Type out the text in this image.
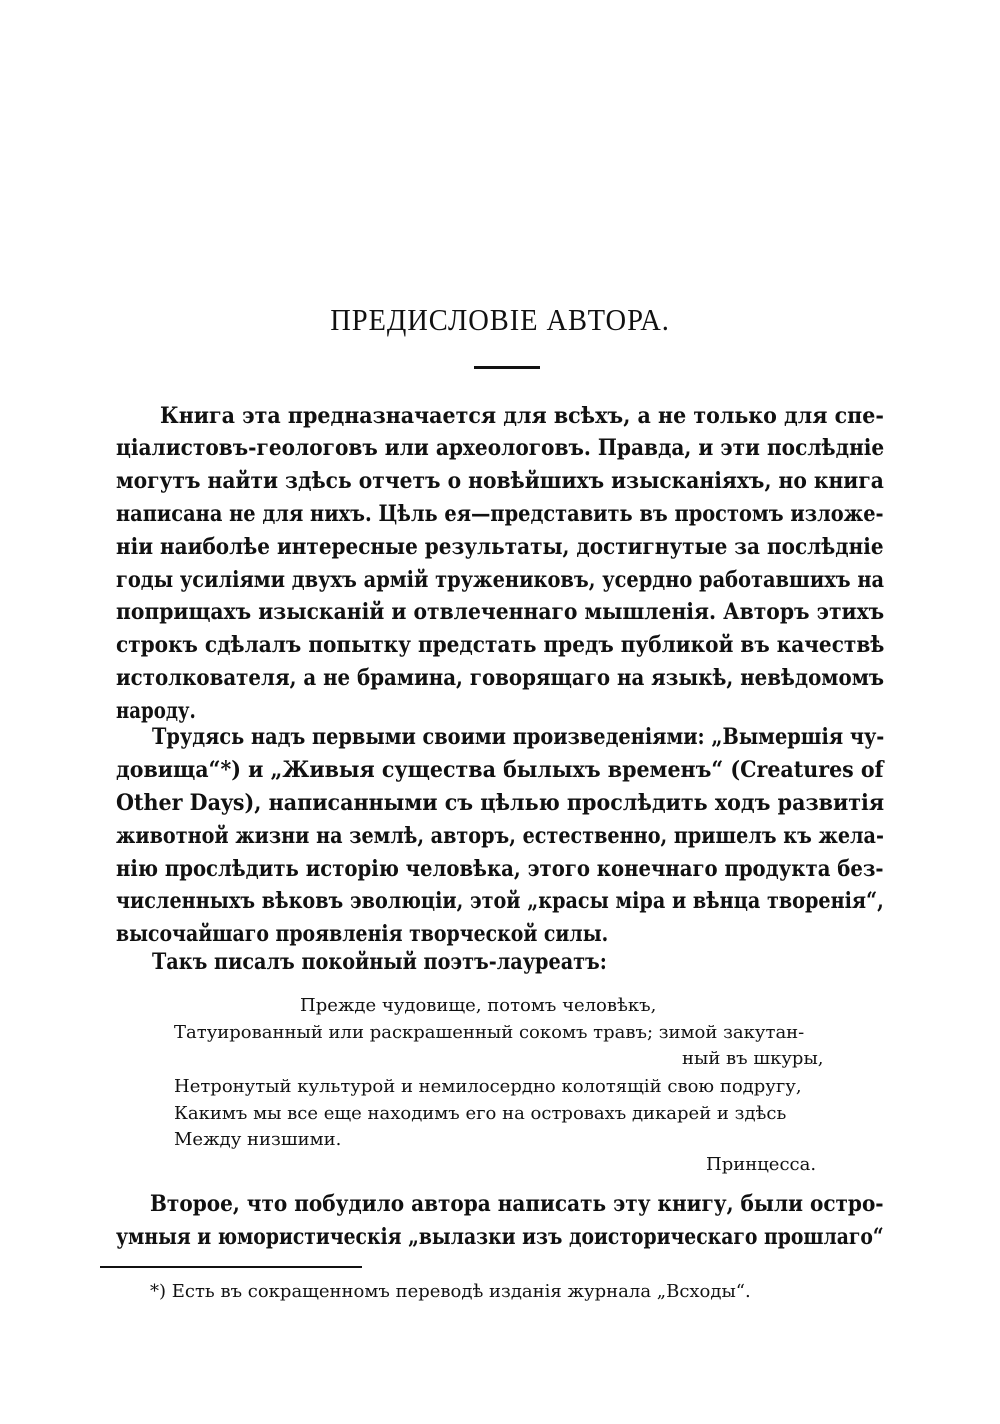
ПРЕДИСЛОВІЕ АВТОРА.
Книга эта предназначается для всѣхъ, а не только для спе-
ціалистовъ-геологовъ или археологовъ. Правда, и эти послѣдніе
могутъ найти здѣсь отчетъ о новѣйшихъ изысканіяхъ, но книга
написана не для нихъ. Цѣль ея—представить въ простомъ изложе-
ніи наиболѣе интересные результаты, достигнутые за послѣдніе
годы усиліями двухъ армій тружениковъ, усердно работавшихъ на
поприщахъ изысканій и отвлеченнаго мышленія. Авторъ этихъ
строкъ сдѣлалъ попытку предстать предъ публикой въ качествѣ
истолкователя, а не брамина, говорящаго на языкѣ, невѣдомомъ
народу.
Трудясь надъ первыми своими произведеніями: „Вымершія чу-
довища“*) и „Живыя существа былыхъ временъ“ (Creatures of
Other Days), написанными съ цѣлью прослѣдить ходъ развитія
животной жизни на землѣ, авторъ, естественно, пришелъ къ жела-
нію прослѣдить исторію человѣка, этого конечнаго продукта без-
численныхъ вѣковъ эволюціи, этой „красы міра и вѣнца творенія“,
высочайшаго проявленія творческой силы.
Такъ писалъ покойный поэтъ-лауреатъ:
Прежде чудовище, потомъ человѣкъ,
Татуированный или раскрашенный сокомъ травъ; зимой закутан-
ный въ шкуры,
Нетронутый культурой и немилосердно колотящій свою подругу,
Какимъ мы все еще находимъ его на островахъ дикарей и здѣсь
Между низшими.
Принцесса.
Второе, что побудило автора написать эту книгу, были остро-
умныя и юмористическія „вылазки изъ доисторическаго прошлаго“
*) Есть въ сокращенномъ переводѣ изданія журнала „Всходы“.
